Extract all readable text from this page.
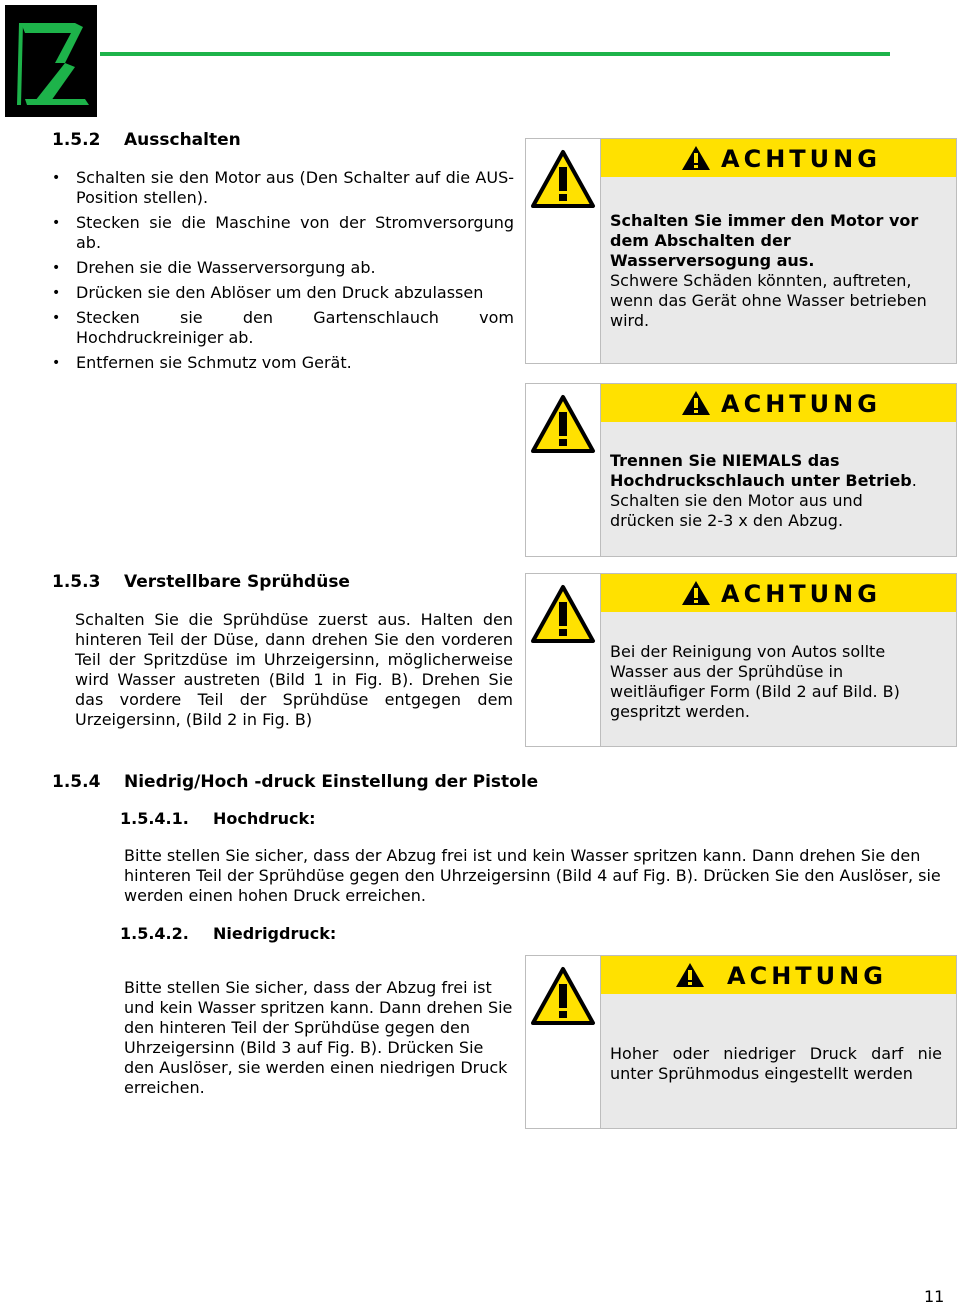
1.5.2 Ausschalten
• Schalten sie den Motor aus (Den Schalter auf die AUS-Position stellen).
• Stecken sie die Maschine von der Stromversorgung ab.
• Drehen sie die Wasserversorgung ab.
• Drücken sie den Ablöser um den Druck abzulassen
• Stecken sie den Gartenschlauch vom Hochdruckreiniger ab.
• Entfernen sie Schmutz vom Gerät.
ACHTUNG
Schalten Sie immer den Motor vor dem Abschalten der Wasserversogung aus.
Schwere Schäden könnten, auftreten, wenn das Gerät ohne Wasser betrieben wird.
ACHTUNG
Trennen Sie NIEMALS das Hochdruckschlauch unter Betrieb.
Schalten sie den Motor aus und drücken sie 2-3 x den Abzug.
1.5.3 Verstellbare Sprühdüse
Schalten Sie die Sprühdüse zuerst aus. Halten den hinteren Teil der Düse, dann drehen Sie den vorderen Teil der Spritzdüse im Uhrzeigersinn, möglicherweise wird Wasser austreten (Bild 1 in Fig. B). Drehen Sie das vordere Teil der Sprühdüse entgegen dem Urzeigersinn, (Bild 2 in Fig. B)
ACHTUNG
Bei der Reinigung von Autos sollte Wasser aus der Sprühdüse in weitläufiger Form (Bild 2 auf Bild. B) gespritzt werden.
1.5.4 Niedrig/Hoch -druck Einstellung der Pistole
1.5.4.1. Hochdruck:
Bitte stellen Sie sicher, dass der Abzug frei ist und kein Wasser spritzen kann. Dann drehen Sie den hinteren Teil der Sprühdüse gegen den Uhrzeigersinn (Bild 4 auf Fig. B). Drücken Sie den Auslöser, sie werden einen hohen Druck erreichen.
1.5.4.2. Niedrigdruck:
Bitte stellen Sie sicher, dass der Abzug frei ist und kein Wasser spritzen kann. Dann drehen Sie den hinteren Teil der Sprühdüse gegen den Uhrzeigersinn (Bild 3 auf Fig. B). Drücken Sie den Auslöser, sie werden einen niedrigen Druck erreichen.
ACHTUNG
Hoher oder niedriger Druck darf nie unter Sprühmodus eingestellt werden
11
